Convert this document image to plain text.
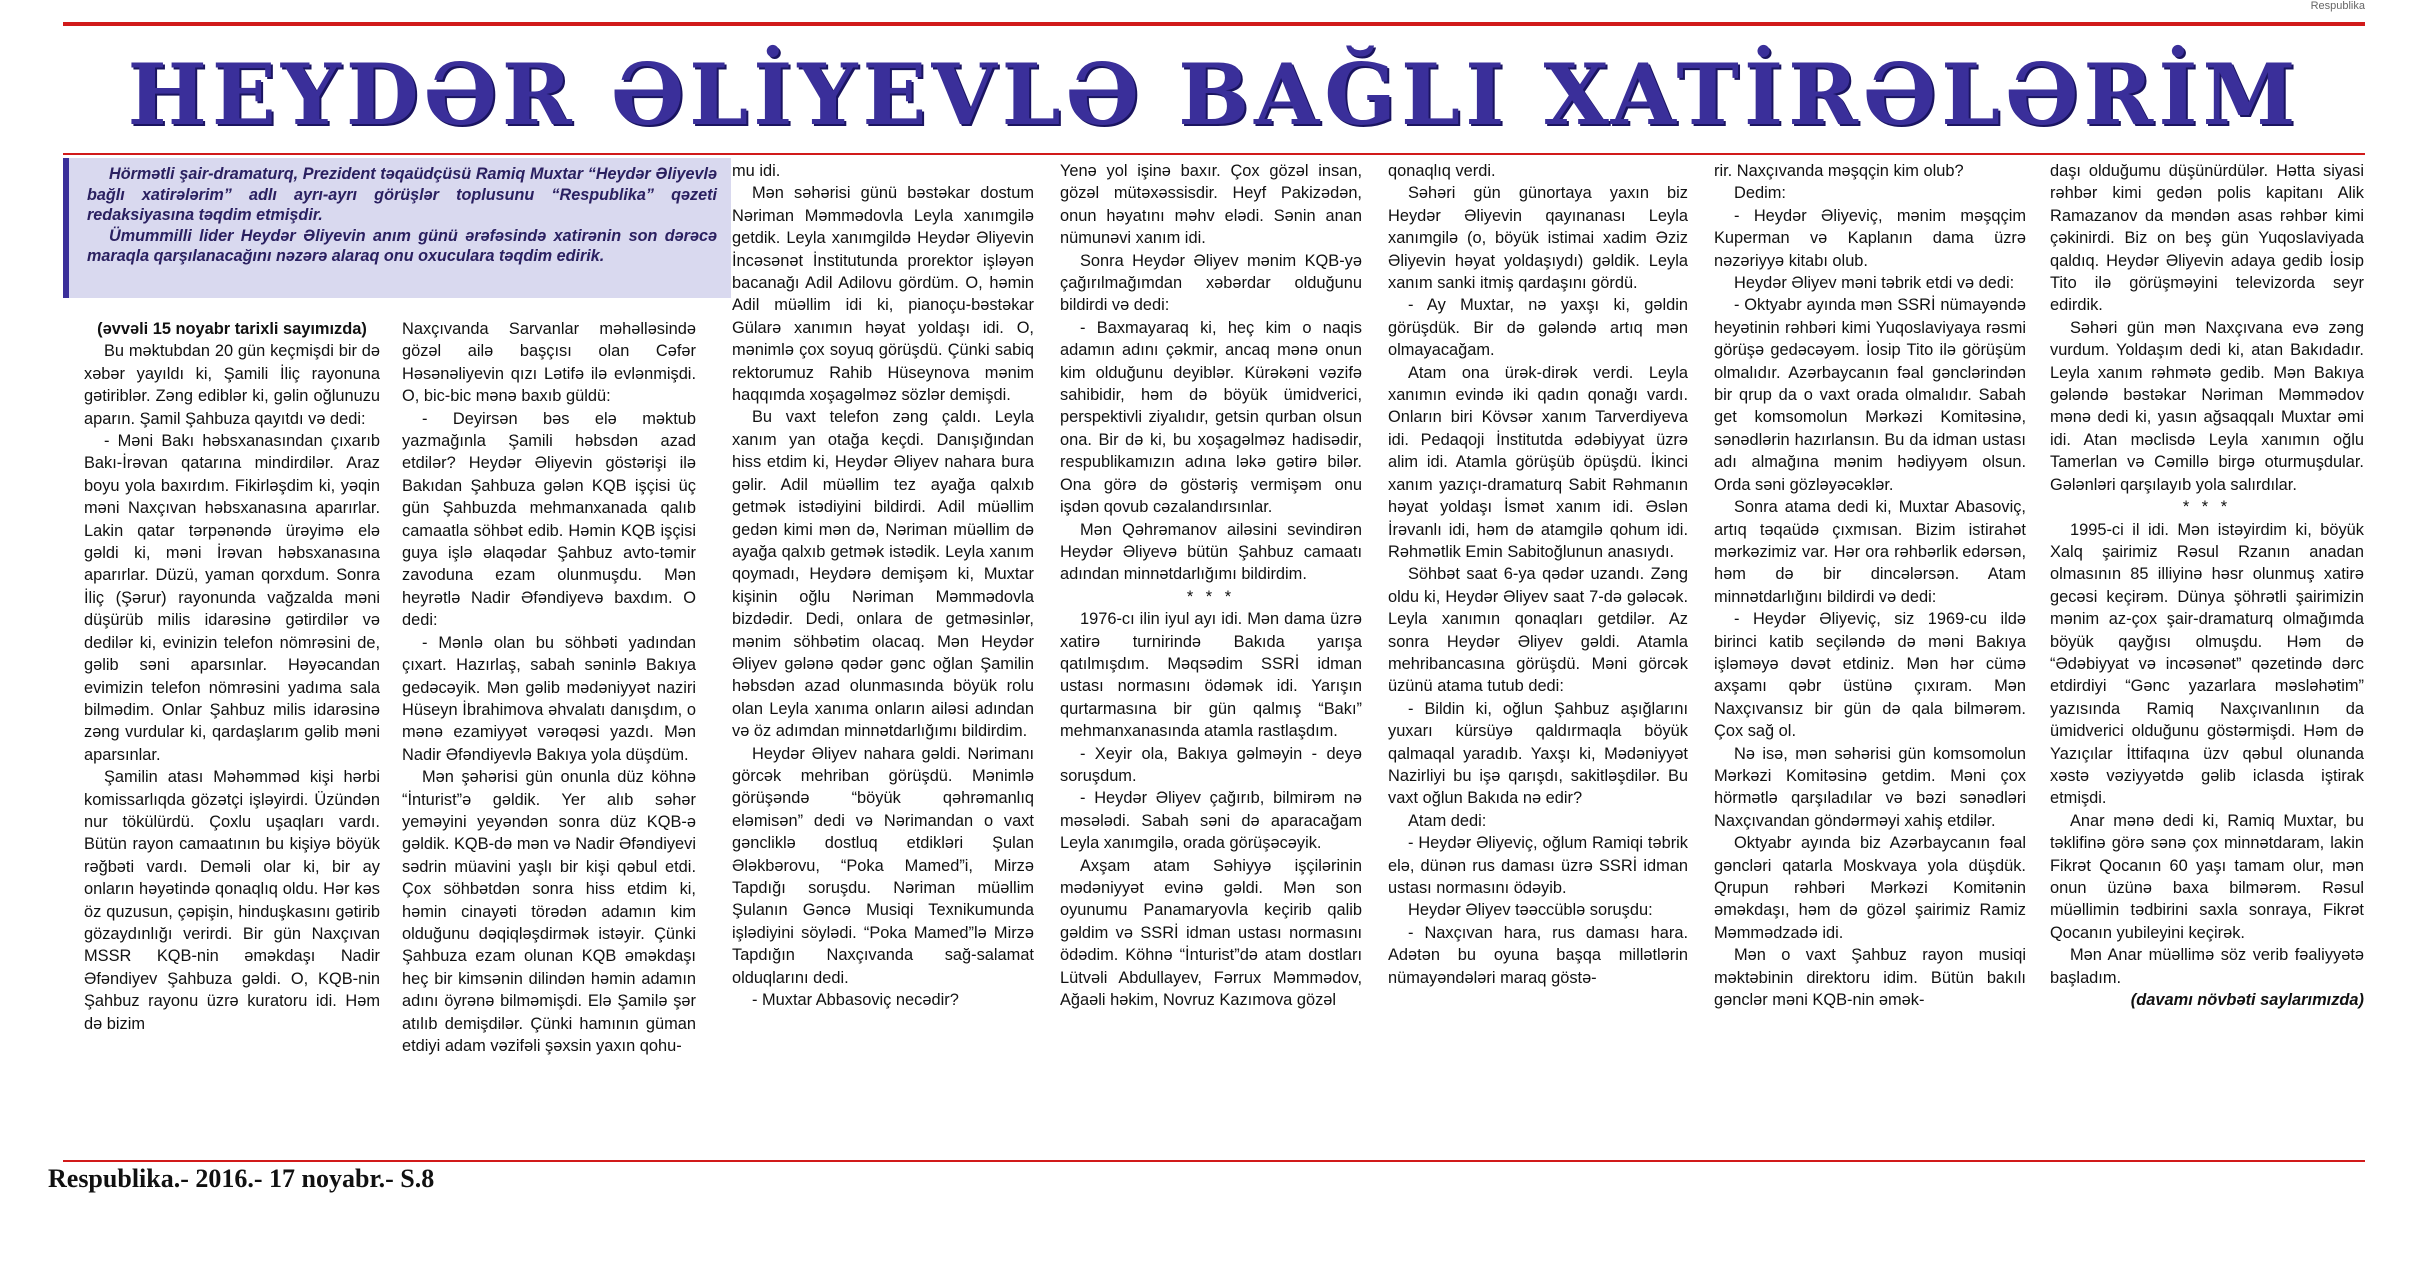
Respublika
HEYDƏR ƏLİYEVLƏ BAĞLI XATİRƏLƏRİM

Hörmətli şair-dramaturq, Prezident təqaüdçüsü Ramiq Muxtar “Heydər Əliyevlə bağlı xatirələrim” adlı ayrı-ayrı görüşlər toplusunu “Respublika” qəzeti redaksiyasına təqdim etmişdir.

Ümummilli lider Heydər Əliyevin anım günü ərəfəsində xatirənin son dərəcə maraqla qarşılanacağını nəzərə alaraq onu oxuculara təqdim edirik.

(əvvəli 15 noyabr tarixli sayımızda)

Bu məktubdan 20 gün keçmişdi bir də xəbər yayıldı ki, Şamili İliç rayonuna gətiriblər. Zəng ediblər ki, gəlin oğlunuzu aparın. Şamil Şahbuza qayıtdı və dedi:

- Məni Bakı həbsxanasından çıxarıb Bakı-İrəvan qatarına mindirdilər. Araz boyu yola baxırdım. Fikirləşdim ki, yəqin məni Naxçıvan həbsxanasına aparırlar. Lakin qatar tərpənəndə ürəyimə elə gəldi ki, məni İrəvan həbsxanasına aparırlar. Düzü, yaman qorxdum. Sonra İliç (Şərur) rayonunda vağzalda məni düşürüb milis idarəsinə gətirdilər və dedilər ki, evinizin telefon nömrəsini de, gəlib səni aparsınlar. Həyəcandan evimizin telefon nömrəsini yadıma sala bilmədim. Onlar Şahbuz milis idarəsinə zəng vurdular ki, qardaşlarım gəlib məni aparsınlar.

Şamilin atası Məhəmməd kişi hərbi komissarlıqda gözətçi işləyirdi. Üzündən nur tökülürdü. Çoxlu uşaqları vardı. Bütün rayon camaatının bu kişiyə böyük rəğbəti vardı. Deməli olar ki, bir ay onların həyətində qonaqlıq oldu. Hər kəs öz quzusun, çəpişin, hinduşkasını gətirib gözaydınlığı verirdi. Bir gün Naxçıvan MSSR KQB-nin əməkdaşı Nadir Əfəndiyev Şahbuza gəldi. O, KQB-nin Şahbuz rayonu üzrə kuratoru idi. Həm də bizim

Naxçıvanda Sarvanlar məhəlləsində gözəl ailə başçısı olan Cəfər Həsənəliyevin qızı Lətifə ilə evlənmişdi. O, bic-bic mənə baxıb güldü:

- Deyirsən bəs elə məktub yazmağınla Şamili həbsdən azad etdilər? Heydər Əliyevin göstərişi ilə Bakıdan Şahbuza gələn KQB işçisi üç gün Şahbuzda mehmanxanada qalıb camaatla söhbət edib. Həmin KQB işçisi guya işlə əlaqədar Şahbuz avto-təmir zavoduna ezam olunmuşdu. Mən heyrətlə Nadir Əfəndiyevə baxdım. O dedi:

- Mənlə olan bu söhbəti yadından çıxart. Hazırlaş, sabah səninlə Bakıya gedəcəyik. Mən gəlib mədəniyyət naziri Hüseyn İbrahimova əhvalatı danışdım, o mənə ezamiyyət vərəqəsi yazdı. Mən Nadir Əfəndiyevlə Bakıya yola düşdüm.

Mən şəhərisi gün onunla düz köhnə “İnturist”ə gəldik. Yer alıb səhər yeməyini yeyəndən sonra düz KQB-ə gəldik. KQB-də mən və Nadir Əfəndiyevi sədrin müavini yaşlı bir kişi qəbul etdi. Çox söhbətdən sonra hiss etdim ki, həmin cinayəti törədən adamın kim olduğunu dəqiqləşdirmək istəyir. Çünki Şahbuza ezam olunan KQB əməkdaşı heç bir kimsənin dilindən həmin adamın adını öyrənə bilməmişdi. Elə Şamilə şər atılıb demişdilər. Çünki hamının güman etdiyi adam vəzifəli şəxsin yaxın qohu-

mu idi.

Mən səhərisi günü bəstəkar dostum Nəriman Məmmədovla Leyla xanımgilə getdik. Leyla xanımgildə Heydər Əliyevin İncəsənət İnstitutunda prorektor işləyən bacanağı Adil Adilovu gördüm. O, həmin Adil müəllim idi ki, pianoçu-bəstəkar Gülarə xanımın həyat yoldaşı idi. O, mənimlə çox soyuq görüşdü. Çünki sabiq rektorumuz Rahib Hüseynova mənim haqqımda xoşagəlməz sözlər demişdi.

Bu vaxt telefon zəng çaldı. Leyla xanım yan otağa keçdi. Danışığından hiss etdim ki, Heydər Əliyev nahara bura gəlir. Adil müəllim tez ayağa qalxıb getmək istədiyini bildirdi. Adil müəllim gedən kimi mən də, Nəriman müəllim də ayağa qalxıb getmək istədik. Leyla xanım qoymadı, Heydərə demişəm ki, Muxtar kişinin oğlu Nəriman Məmmədovla bizdədir. Dedi, onlara de getməsinlər, mənim söhbətim olacaq. Mən Heydər Əliyev gələnə qədər gənc oğlan Şamilin həbsdən azad olunmasında böyük rolu olan Leyla xanıma onların ailəsi adından və öz adımdan minnətdarlığımı bildirdim.

Heydər Əliyev nahara gəldi. Nərimanı görcək mehriban görüşdü. Mənimlə görüşəndə “böyük qəhrəmanlıq eləmisən” dedi və Nərimandan o vaxt gəncliklə dostluq etdikləri Şulan Ələkbərovu, “Poka Mamed”i, Mirzə Tapdığı soruşdu. Nəriman müəllim Şulanın Gəncə Musiqi Texnikumunda işlədiyini söylədi. “Poka Mamed”lə Mirzə Tapdığın Naxçıvanda sağ-salamat olduqlarını dedi.

- Muxtar Abbasoviç necədir?

Yenə yol işinə baxır. Çox gözəl insan, gözəl mütəxəssisdir. Heyf Pakizədən, onun həyatını məhv elədi. Sənin anan nümunəvi xanım idi.

Sonra Heydər Əliyev mənim KQB-yə çağırılmağımdan xəbərdar olduğunu bildirdi və dedi:

- Baxmayaraq ki, heç kim o naqis adamın adını çəkmir, ancaq mənə onun kim olduğunu deyiblər. Kürəkəni vəzifə sahibidir, həm də böyük ümidverici, perspektivli ziyalıdır, getsin qurban olsun ona. Bir də ki, bu xoşagəlməz hadisədir, respublikamızın adına ləkə gətirə bilər. Ona görə də göstəriş vermişəm onu işdən qovub cəzalandırsınlar.

Mən Qəhrəmanov ailəsini sevindirən Heydər Əliyevə bütün Şahbuz camaatı adından minnətdarlığımı bildirdim.

* * *

1976-cı ilin iyul ayı idi. Mən dama üzrə xatirə turnirində Bakıda yarışa qatılmışdım. Məqsədim SSRİ idman ustası normasını ödəmək idi. Yarışın qurtarmasına bir gün qalmış “Bakı” mehmanxanasında atamla rastlaşdım.

- Xeyir ola, Bakıya gəlməyin - deyə soruşdum.

- Heydər Əliyev çağırıb, bilmirəm nə məsələdi. Sabah səni də aparacağam Leyla xanımgilə, orada görüşəcəyik.

Axşam atam Səhiyyə işçilərinin mədəniyyət evinə gəldi. Mən son oyunumu Panamaryovla keçirib qalib gəldim və SSRİ idman ustası normasını ödədim. Köhnə “İnturist”də atam dostları Lütvəli Abdullayev, Fərrux Məmmədov, Ağaəli həkim, Novruz Kazımova gözəl

qonaqlıq verdi.

Səhəri gün günortaya yaxın biz Heydər Əliyevin qayınanası Leyla xanımgilə (o, böyük istimai xadim Əziz Əliyevin həyat yoldaşıydı) gəldik. Leyla xanım sanki itmiş qardaşını gördü.

- Ay Muxtar, nə yaxşı ki, gəldin görüşdük. Bir də gələndə artıq mən olmayacağam.

Atam ona ürək-dirək verdi. Leyla xanımın evində iki qadın qonağı vardı. Onların biri Kövsər xanım Tarverdiyeva idi. Pedaqoji İnstitutda ədəbiyyat üzrə alim idi. Atamla görüşüb öpüşdü. İkinci xanım yazıçı-dramaturq Sabit Rəhmanın həyat yoldaşı İsmət xanım idi. Əslən İrəvanlı idi, həm də atamgilə qohum idi. Rəhmətlik Emin Sabitoğlunun anasıydı.

Söhbət saat 6-ya qədər uzandı. Zəng oldu ki, Heydər Əliyev saat 7-də gələcək. Leyla xanımın qonaqları getdilər. Az sonra Heydər Əliyev gəldi. Atamla mehribancasına görüşdü. Məni görcək üzünü atama tutub dedi:

- Bildin ki, oğlun Şahbuz aşığlarını yuxarı kürsüyə qaldırmaqla böyük qalmaqal yaradıb. Yaxşı ki, Mədəniyyət Nazirliyi bu işə qarışdı, sakitləşdilər. Bu vaxt oğlun Bakıda nə edir?

Atam dedi:

- Heydər Əliyeviç, oğlum Ramiqi təbrik elə, dünən rus daması üzrə SSRİ idman ustası normasını ödəyib.

Heydər Əliyev təəccüblə soruşdu:

- Naxçıvan hara, rus daması hara. Adətən bu oyuna başqa millətlərin nümayəndələri maraq göstə-

rir. Naxçıvanda məşqçin kim olub?

Dedim:

- Heydər Əliyeviç, mənim məşqçim Kuperman və Kaplanın dama üzrə nəzəriyyə kitabı olub.

Heydər Əliyev məni təbrik etdi və dedi:

- Oktyabr ayında mən SSRİ nümayəndə heyətinin rəhbəri kimi Yuqoslaviyaya rəsmi görüşə gedəcəyəm. İosip Tito ilə görüşüm olmalıdır. Azərbaycanın fəal gənclərindən bir qrup da o vaxt orada olmalıdır. Sabah get komsomolun Mərkəzi Komitəsinə, sənədlərin hazırlansın. Bu da idman ustası adı almağına mənim hədiyyəm olsun. Orda səni gözləyəcəklər.

Sonra atama dedi ki, Muxtar Abasoviç, artıq təqaüdə çıxmısan. Bizim istirahət mərkəzimiz var. Hər ora rəhbərlik edərsən, həm də bir dincələrsən. Atam minnətdarlığını bildirdi və dedi:

- Heydər Əliyeviç, siz 1969-cu ildə birinci katib seçiləndə də məni Bakıya işləməyə dəvət etdiniz. Mən hər cümə axşamı qəbr üstünə çıxıram. Mən Naxçıvansız bir gün də qala bilmərəm. Çox sağ ol.

Nə isə, mən səhərisi gün komsomolun Mərkəzi Komitəsinə getdim. Məni çox hörmətlə qarşıladılar və bəzi sənədləri Naxçıvandan göndərməyi xahiş etdilər.

Oktyabr ayında biz Azərbaycanın fəal gəncləri qatarla Moskvaya yola düşdük. Qrupun rəhbəri Mərkəzi Komitənin əməkdaşı, həm də gözəl şairimiz Ramiz Məmmədzadə idi.

Mən o vaxt Şahbuz rayon musiqi məktəbinin direktoru idim. Bütün bakılı gənclər məni KQB-nin əmək-

daşı olduğumu düşünürdülər. Hətta siyasi rəhbər kimi gedən polis kapitanı Alik Ramazanov da məndən asas rəhbər kimi çəkinirdi. Biz on beş gün Yuqoslaviyada qaldıq. Heydər Əliyevin adaya gedib İosip Tito ilə görüşməyini televizorda seyr edirdik.

Səhəri gün mən Naxçıvana evə zəng vurdum. Yoldaşım dedi ki, atan Bakıdadır. Leyla xanım rəhmətə gedib. Mən Bakıya gələndə bəstəkar Nəriman Məmmədov mənə dedi ki, yasın ağsaqqalı Muxtar əmi idi. Atan məclisdə Leyla xanımın oğlu Tamerlan və Cəmillə birgə oturmuşdular. Gələnləri qarşılayıb yola salırdılar.

* * *

1995-ci il idi. Mən istəyirdim ki, böyük Xalq şairimiz Rəsul Rzanın anadan olmasının 85 illiyinə həsr olunmuş xatirə gecəsi keçirəm. Dünya şöhrətli şairimizin mənim az-çox şair-dramaturq olmağımda böyük qayğısı olmuşdu. Həm də “Ədəbiyyat və incəsənət” qəzetində dərc etdirdiyi “Gənc yazarlara məsləhətim” yazısında Ramiq Naxçıvanlının da ümidverici olduğunu göstərmişdi. Həm də Yazıçılar İttifaqına üzv qəbul olunanda xəstə vəziyyətdə gəlib iclasda iştirak etmişdi.

Anar mənə dedi ki, Ramiq Muxtar, bu təklifinə görə sənə çox minnətdaram, lakin Fikrət Qocanın 60 yaşı tamam olur, mən onun üzünə baxa bilmərəm. Rəsul müəllimin tədbirini saxla sonraya, Fikrət Qocanın yubileyini keçirək.

Mən Anar müəllimə söz verib fəaliyyətə başladım.

(davamı növbəti saylarımızda)

Respublika.- 2016.- 17 noyabr.- S.8
